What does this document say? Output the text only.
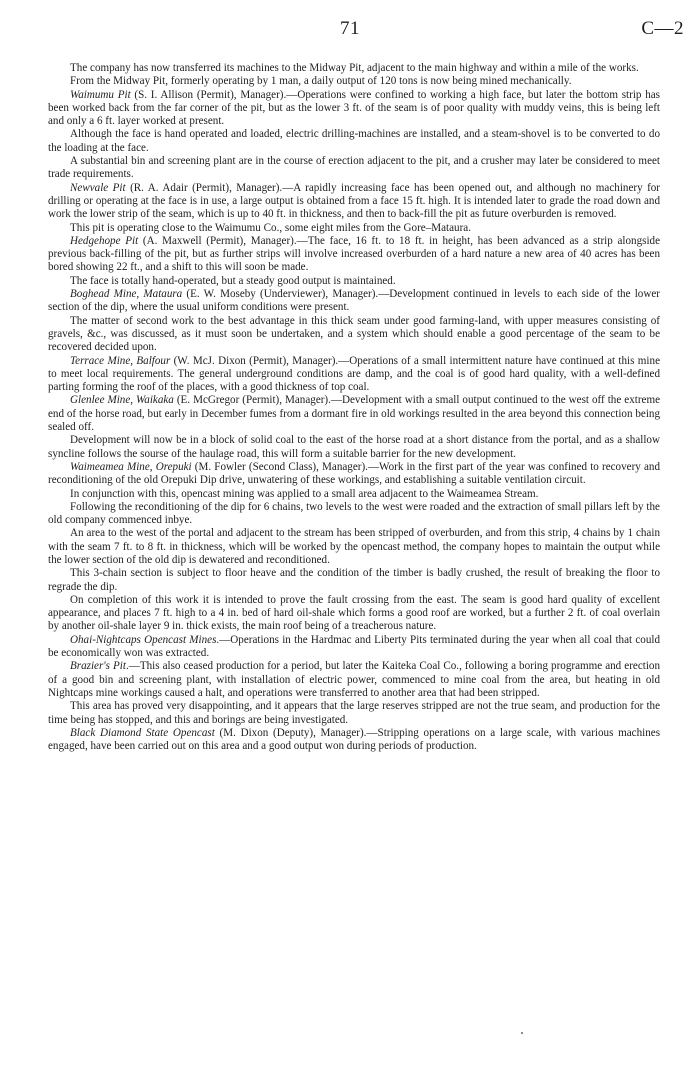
71	C—2

The company has now transferred its machines to the Midway Pit, adjacent to the main highway and within a mile of the works.

From the Midway Pit, formerly operating by 1 man, a daily output of 120 tons is now being mined mechanically.

Waimumu Pit (S. I. Allison (Permit), Manager).—Operations were confined to working a high face, but later the bottom strip has been worked back from the far corner of the pit, but as the lower 3 ft. of the seam is of poor quality with muddy veins, this is being left and only a 6 ft. layer worked at present.

Although the face is hand operated and loaded, electric drilling-machines are installed, and a steam-shovel is to be converted to do the loading at the face.

A substantial bin and screening plant are in the course of erection adjacent to the pit, and a crusher may later be considered to meet trade requirements.

Newvale Pit (R. A. Adair (Permit), Manager).—A rapidly increasing face has been opened out, and although no machinery for drilling or operating at the face is in use, a large output is obtained from a face 15 ft. high. It is intended later to grade the road down and work the lower strip of the seam, which is up to 40 ft. in thickness, and then to back-fill the pit as future overburden is removed.

This pit is operating close to the Waimumu Co., some eight miles from the Gore–Mataura.

Hedgehope Pit (A. Maxwell (Permit), Manager).—The face, 16 ft. to 18 ft. in height, has been advanced as a strip alongside previous back-filling of the pit, but as further strips will involve increased overburden of a hard nature a new area of 40 acres has been bored showing 22 ft., and a shift to this will soon be made.

The face is totally hand-operated, but a steady good output is maintained.

Boghead Mine, Mataura (E. W. Moseby (Underviewer), Manager).—Development continued in levels to each side of the lower section of the dip, where the usual uniform conditions were present.

The matter of second work to the best advantage in this thick seam under good farming-land, with upper measures consisting of gravels, &c., was discussed, as it must soon be undertaken, and a system which should enable a good percentage of the seam to be recovered decided upon.

Terrace Mine, Balfour (W. McJ. Dixon (Permit), Manager).—Operations of a small intermittent nature have continued at this mine to meet local requirements. The general underground conditions are damp, and the coal is of good hard quality, with a well-defined parting forming the roof of the places, with a good thickness of top coal.

Glenlee Mine, Waikaka (E. McGregor (Permit), Manager).—Development with a small output continued to the west off the extreme end of the horse road, but early in December fumes from a dormant fire in old workings resulted in the area beyond this connection being sealed off.

Development will now be in a block of solid coal to the east of the horse road at a short distance from the portal, and as a shallow syncline follows the sourse of the haulage road, this will form a suitable barrier for the new development.

Waimeamea Mine, Orepuki (M. Fowler (Second Class), Manager).—Work in the first part of the year was confined to recovery and reconditioning of the old Orepuki Dip drive, unwatering of these workings, and establishing a suitable ventilation circuit.

In conjunction with this, opencast mining was applied to a small area adjacent to the Waimeamea Stream.

Following the reconditioning of the dip for 6 chains, two levels to the west were roaded and the extraction of small pillars left by the old company commenced inbye.

An area to the west of the portal and adjacent to the stream has been stripped of overburden, and from this strip, 4 chains by 1 chain with the seam 7 ft. to 8 ft. in thickness, which will be worked by the opencast method, the company hopes to maintain the output while the lower section of the old dip is dewatered and reconditioned.

This 3-chain section is subject to floor heave and the condition of the timber is badly crushed, the result of breaking the floor to regrade the dip.

On completion of this work it is intended to prove the fault crossing from the east. The seam is good hard quality of excellent appearance, and places 7 ft. high to a 4 in. bed of hard oil-shale which forms a good roof are worked, but a further 2 ft. of coal overlain by another oil-shale layer 9 in. thick exists, the main roof being of a treacherous nature.

Ohai-Nightcaps Opencast Mines.—Operations in the Hardmac and Liberty Pits terminated during the year when all coal that could be economically won was extracted.

Brazier's Pit.—This also ceased production for a period, but later the Kaiteka Coal Co., following a boring programme and erection of a good bin and screening plant, with installation of electric power, commenced to mine coal from the area, but heating in old Nightcaps mine workings caused a halt, and operations were transferred to another area that had been stripped.

This area has proved very disappointing, and it appears that the large reserves stripped are not the true seam, and production for the time being has stopped, and this and borings are being investigated.

Black Diamond State Opencast (M. Dixon (Deputy), Manager).—Stripping operations on a large scale, with various machines engaged, have been carried out on this area and a good output won during periods of production.
